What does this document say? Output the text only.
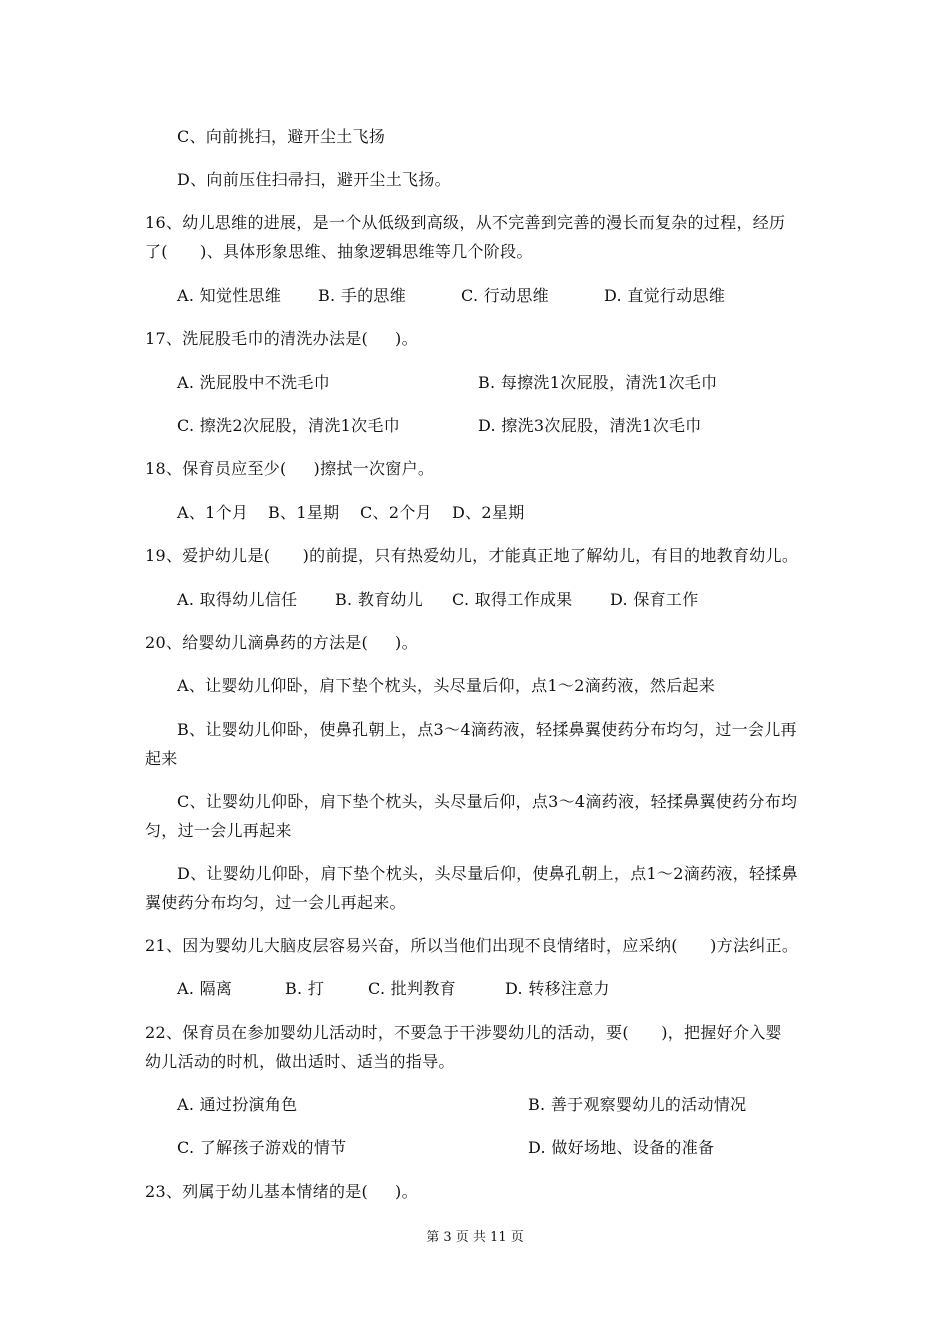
C、向前挑扫，避开尘土飞扬
D、向前压住扫帚扫，避开尘土飞扬。
16、幼儿思维的进展，是一个从低级到高级，从不完善到完善的漫长而复杂的过程，经历
了(      )、具体形象思维、抽象逻辑思维等几个阶段。
A. 知觉性思维 B. 手的思维	C. 行动思维	D. 直觉行动思维
17、洗屁股毛巾的清洗办法是(     )。
A. 洗屁股中不洗毛巾	B. 每擦洗1次屁股，清洗1次毛巾
C. 擦洗2次屁股，清洗1次毛巾	D. 擦洗3次屁股，清洗1次毛巾
18、保育员应至少(     )擦拭一次窗户。
A、1个月 B、1星期 C、2个月 D、2星期
19、爱护幼儿是(      )的前提，只有热爱幼儿，才能真正地了解幼儿，有目的地教育幼儿。
A. 取得幼儿信任 B. 教育幼儿 C. 取得工作成果 D. 保育工作
20、给婴幼儿滴鼻药的方法是(     )。
A、让婴幼儿仰卧，肩下垫个枕头，头尽量后仰，点1～2滴药液，然后起来
B、让婴幼儿仰卧，使鼻孔朝上，点3～4滴药液，轻揉鼻翼使药分布均匀，过一会儿再
起来
C、让婴幼儿仰卧，肩下垫个枕头，头尽量后仰，点3～4滴药液，轻揉鼻翼使药分布均
匀，过一会儿再起来
D、让婴幼儿仰卧，肩下垫个枕头，头尽量后仰，使鼻孔朝上，点1～2滴药液，轻揉鼻
翼使药分布均匀，过一会儿再起来。
21、因为婴幼儿大脑皮层容易兴奋，所以当他们出现不良情绪时，应采纳(      )方法纠正。
A. 隔离	B. 打	C. 批判教育	D. 转移注意力
22、保育员在参加婴幼儿活动时，不要急于干涉婴幼儿的活动，要(      )，把握好介入婴
幼儿活动的时机，做出适时、适当的指导。
A. 通过扮演角色	B. 善于观察婴幼儿的活动情况
C. 了解孩子游戏的情节	D. 做好场地、设备的准备
23、列属于幼儿基本情绪的是(     )。
第 3 页 共 11 页
